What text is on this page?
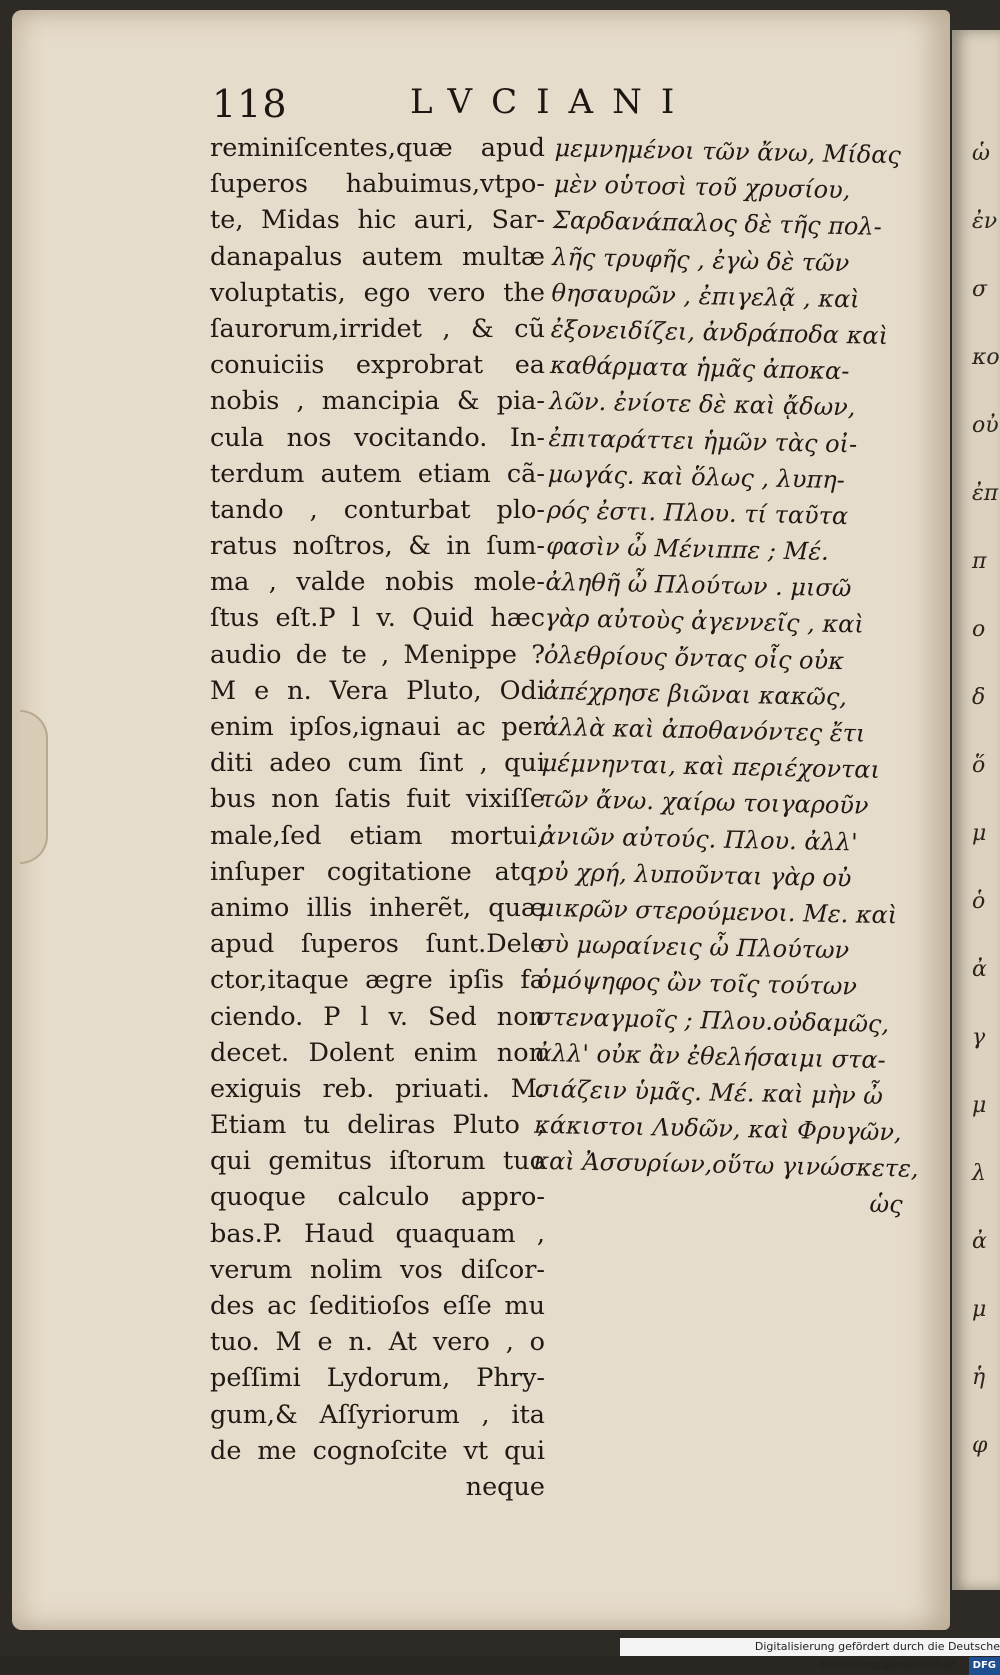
118	LVCIANI
reminiſcentes,quæ apud
ſuperos habuimus,vtpo-
te, Midas hic auri, Sar-
danapalus autem multæ
voluptatis, ego vero the
ſaurorum,irridet , & cũ
conuiciis exprobrat ea
nobis , mancipia & pia-
cula nos vocitando. In-
terdum autem etiam cã-
tando , conturbat plo-
ratus noſtros, & in ſum-
ma , valde nobis mole-
ſtus eſt.P l v. Quid hæc
audio de te , Menippe ?
M e n. Vera Pluto, Odi
enim ipſos,ignaui ac per
diti adeo cum ſint , qui
bus non ſatis fuit vixiſſe
male,ſed etiam mortui,
inſuper cogitatione atq;
animo illis inherẽt, quæ
apud ſuperos ſunt.Dele
ctor,itaque ægre ipſis fa
ciendo. P l v. Sed non
decet. Dolent enim non
exiguis reb. priuati. M.
Etiam tu deliras Pluto ,
qui gemitus iſtorum tuo
quoque calculo appro-
bas.P. Haud quaquam ,
verum nolim vos diſcor-
des ac ſeditioſos eſſe mu
tuo. M e n. At vero , o
peſſimi Lydorum, Phry-
gum,& Aſſyriorum , ita
de me cognoſcite vt qui
neque
μεμνημένοι τῶν ἄνω, Μίδας
μὲν οὑτοσὶ τοῦ χρυσίου,
Σαρδανάπαλος δὲ τῆς πολ-
λῆς τρυφῆς , ἐγὼ δὲ τῶν
θησαυρῶν , ἐπιγελᾷ , καὶ
ἐξονειδίζει, ἀνδράποδα καὶ
καθάρματα ἡμᾶς ἀποκα-
λῶν. ἐνίοτε δὲ καὶ ᾄδων,
ἐπιταράττει ἡμῶν τὰς οἰ-
μωγάς. καὶ ὅλως , λυπη-
ρός ἐστι. Πλου. τί ταῦτα
φασὶν ὦ Μένιππε ; Μέ.
ἀληθῆ ὦ Πλούτων . μισῶ
γὰρ αὐτοὺς ἀγεννεῖς , καὶ
ὀλεθρίους ὄντας οἷς οὐκ
ἀπέχρησε βιῶναι κακῶς,
ἀλλὰ καὶ ἀποθανόντες ἔτι
μέμνηνται, καὶ περιέχονται
τῶν ἄνω. χαίρω τοιγαροῦν
ἀνιῶν αὐτούς. Πλου. ἀλλ'
οὐ χρή, λυποῦνται γὰρ οὐ
μικρῶν στερούμενοι. Με. καὶ
σὺ μωραίνεις ὦ Πλούτων
ὁμόψηφος ὢν τοῖς τούτων
στεναγμοῖς ; Πλου.οὐδαμῶς,
ἀλλ' οὐκ ἂν ἐθελήσαιμι στα-
σιάζειν ὑμᾶς. Μέ. καὶ μὴν ὦ
κάκιστοι Λυδῶν, καὶ Φρυγῶν,
καὶ Ἀσσυρίων,οὕτω γινώσκετε,
ὡς
ὡ
ἐν
σ
κο
οὐ
ἐπ
π
ο
δ
ὅ
μ
ὁ
ἀ
γ
μ
λ
ἀ
μ
ἡ
φ
Digitalisierung gefördert durch die Deutsche Forschungsgemeinschaft - DFG
